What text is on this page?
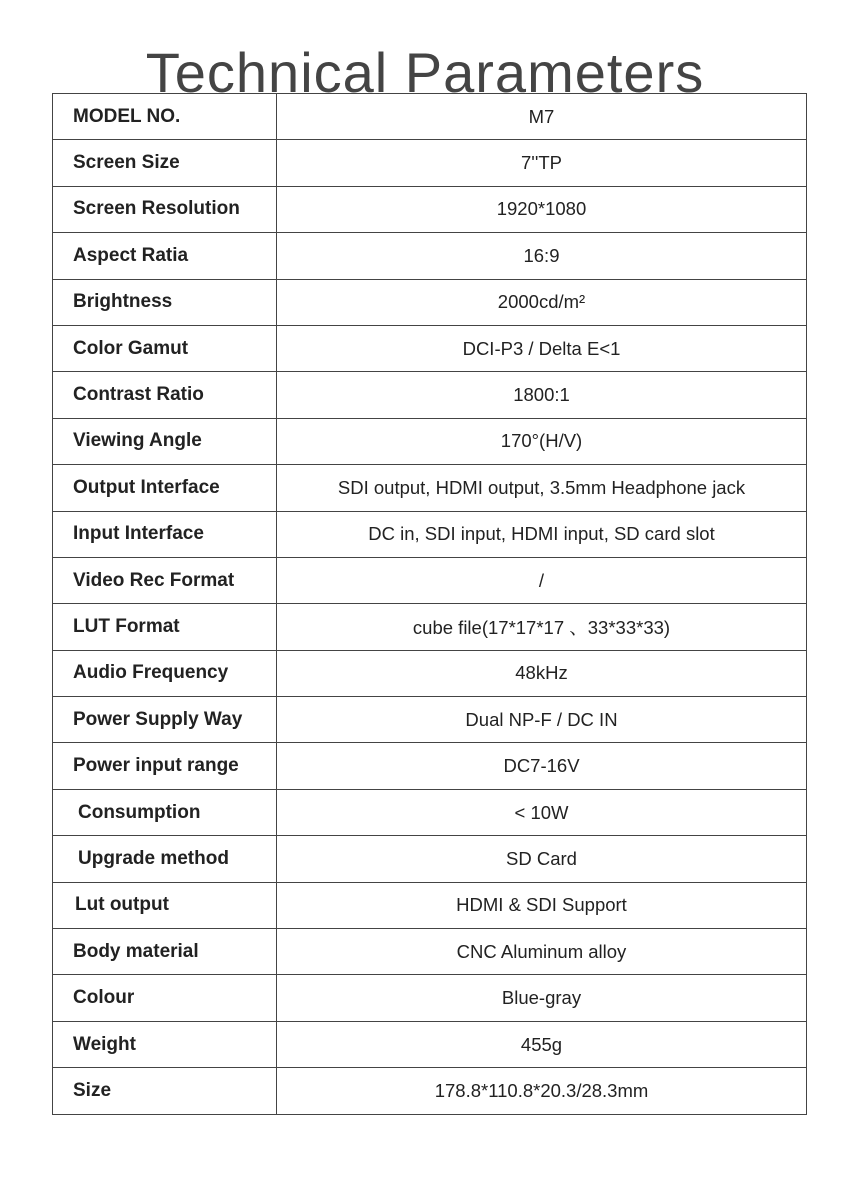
Technical Parameters
MODEL NO.	M7
Screen Size	7''TP
Screen Resolution	1920*1080
Aspect Ratia	16:9
Brightness	2000cd/m²
Color Gamut	DCI-P3 / Delta E<1
Contrast Ratio	1800:1
Viewing Angle	170°(H/V)
Output Interface	SDI output, HDMI output, 3.5mm Headphone jack
Input Interface	DC in, SDI input, HDMI input, SD card slot
Video Rec Format	/
LUT Format	cube file(17*17*17 、33*33*33)
Audio Frequency	48kHz
Power Supply Way	Dual NP-F / DC IN
Power input range	DC7-16V
Consumption	< 10W
Upgrade method	SD Card
Lut output	HDMI & SDI Support
Body material	CNC Aluminum alloy
Colour	Blue-gray
Weight	455g
Size	178.8*110.8*20.3/28.3mm
